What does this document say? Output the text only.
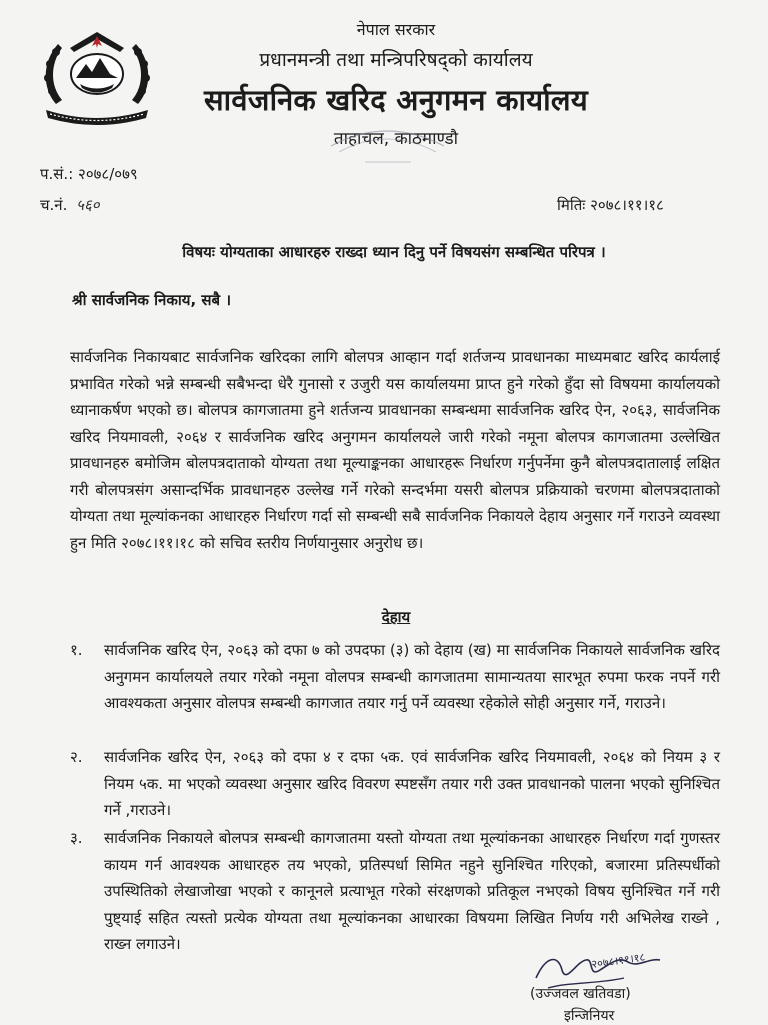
नेपाल सरकार
प्रधानमन्त्री तथा मन्त्रिपरिषद्को कार्यालय
सार्वजनिक खरिद अनुगमन कार्यालय
ताहाचल, काठमाण्डौ
प.सं.: २०७८/०७९
च.नं. ५६०	मितिः २०७८।११।१८
विषयः योग्यताका आधारहरु राख्दा ध्यान दिनु पर्ने विषयसंग सम्बन्धित परिपत्र ।
श्री सार्वजनिक निकाय, सबै ।
सार्वजनिक निकायबाट सार्वजनिक खरिदका लागि बोलपत्र आव्हान गर्दा शर्तजन्य प्रावधानका माध्यमबाट खरिद कार्यलाई प्रभावित गरेको भन्ने सम्बन्धी सबैभन्दा धेरै गुनासो र उजुरी यस कार्यालयमा प्राप्त हुने गरेको हुँदा सो विषयमा कार्यालयको ध्यानाकर्षण भएको छ। बोलपत्र कागजातमा हुने शर्तजन्य प्रावधानका सम्बन्धमा सार्वजनिक खरिद ऐन, २०६३, सार्वजनिक खरिद नियमावली, २०६४ र सार्वजनिक खरिद अनुगमन कार्यालयले जारी गरेको नमूना बोलपत्र कागजातमा उल्लेखित प्रावधानहरु बमोजिम बोलपत्रदाताको योग्यता तथा मूल्याङ्कनका आधारहरू निर्धारण गर्नुपर्नेमा कुनै बोलपत्रदातालाई लक्षित गरी बोलपत्रसंग असान्दर्भिक प्रावधानहरु उल्लेख गर्ने गरेको सन्दर्भमा यसरी बोलपत्र प्रक्रियाको चरणमा बोलपत्रदाताको योग्यता तथा मूल्यांकनका आधारहरु निर्धारण गर्दा सो सम्बन्धी सबै सार्वजनिक निकायले देहाय अनुसार गर्ने गराउने व्यवस्था हुन मिति २०७८।११।१८ को सचिव स्तरीय निर्णयानुसार अनुरोध छ।
देहाय
१.	सार्वजनिक खरिद ऐन, २०६३ को दफा ७ को उपदफा (३) को देहाय (ख) मा सार्वजनिक निकायले सार्वजनिक खरिद अनुगमन कार्यालयले तयार गरेको नमूना वोलपत्र सम्बन्धी कागजातमा सामान्यतया सारभूत रुपमा फरक नपर्ने गरी आवश्यकता अनुसार वोलपत्र सम्बन्धी कागजात तयार गर्नु पर्ने व्यवस्था रहेकोले सोही अनुसार गर्ने, गराउने।
२.	सार्वजनिक खरिद ऐन, २०६३ को दफा ४ र दफा ५क. एवं सार्वजनिक खरिद नियमावली, २०६४ को नियम ३ र नियम ५क. मा भएको व्यवस्था अनुसार खरिद विवरण स्पष्टसँग तयार गरी उक्त प्रावधानको पालना भएको सुनिश्चित गर्ने ,गराउने।
३.	सार्वजनिक निकायले बोलपत्र सम्बन्धी कागजातमा यस्तो योग्यता तथा मूल्यांकनका आधारहरु निर्धारण गर्दा गुणस्तर कायम गर्न आवश्यक आधारहरु तय भएको, प्रतिस्पर्धा सिमित नहुने सुनिश्चित गरिएको, बजारमा प्रतिस्पर्धीको उपस्थितिको लेखाजोखा भएको र कानूनले प्रत्याभूत गरेको संरक्षणको प्रतिकूल नभएको विषय सुनिश्चित गर्ने गरी पुष्ट्याई सहित त्यस्तो प्रत्येक योग्यता तथा मूल्यांकनका आधारका विषयमा लिखित निर्णय गरी अभिलेख राख्ने , राख्न लगाउने।
२०७८।११।१८
(उज्जवल खतिवडा)
इन्जिनियर
